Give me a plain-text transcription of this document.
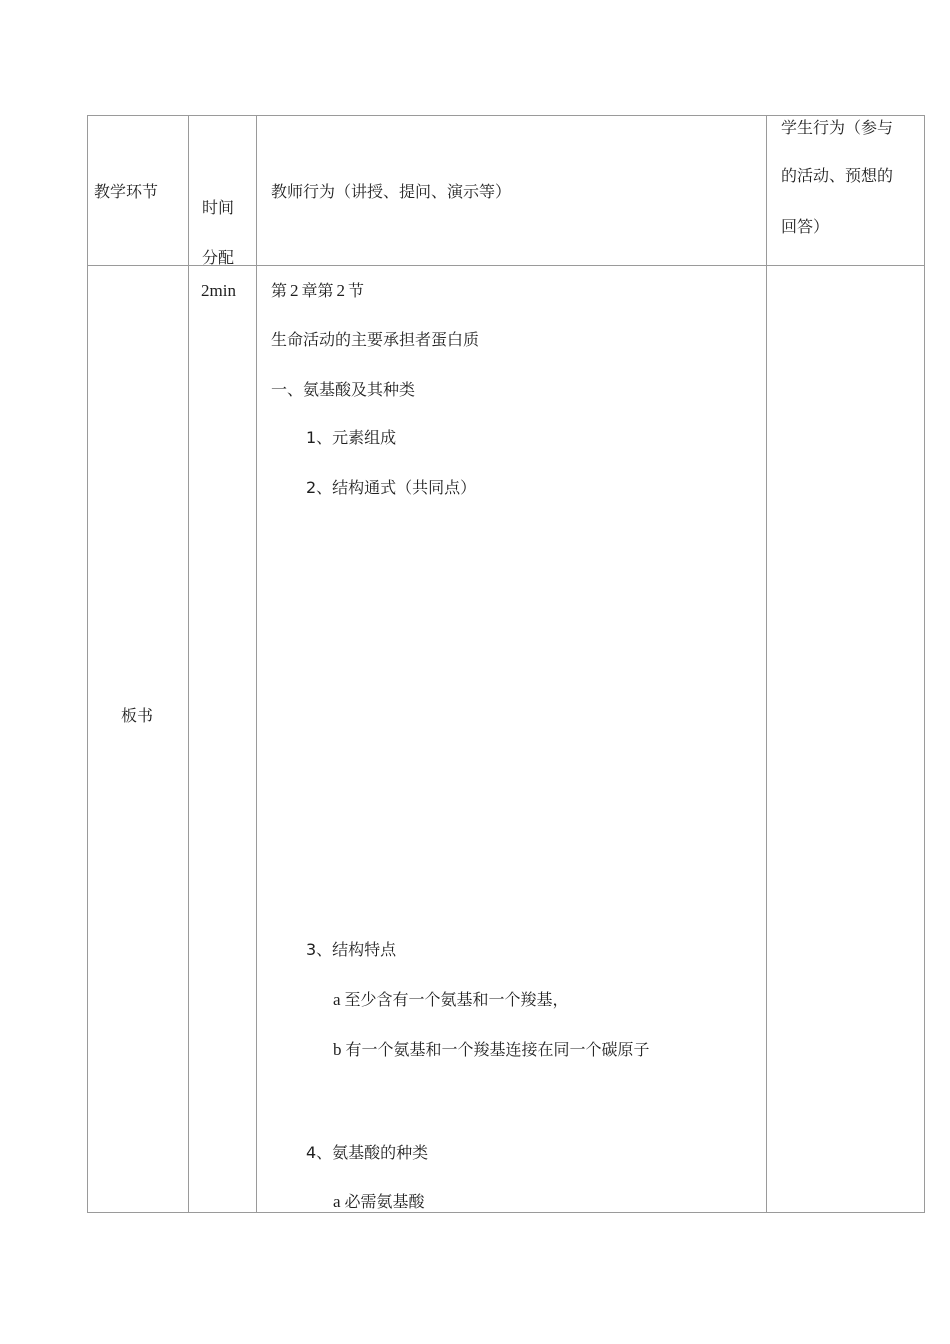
教学环节
时间
分配
教师行为（讲授、提问、演示等）
学生行为（参与
的活动、预想的
回答）
板书
2min 第 2 章第 2 节
生命活动的主要承担者蛋白质
一、氨基酸及其种类
1、元素组成
2、结构通式（共同点）
3、结构特点
a 至少含有一个氨基和一个羧基，
b 有一个氨基和一个羧基连接在同一个碳原子
4、氨基酸的种类
a 必需氨基酸
